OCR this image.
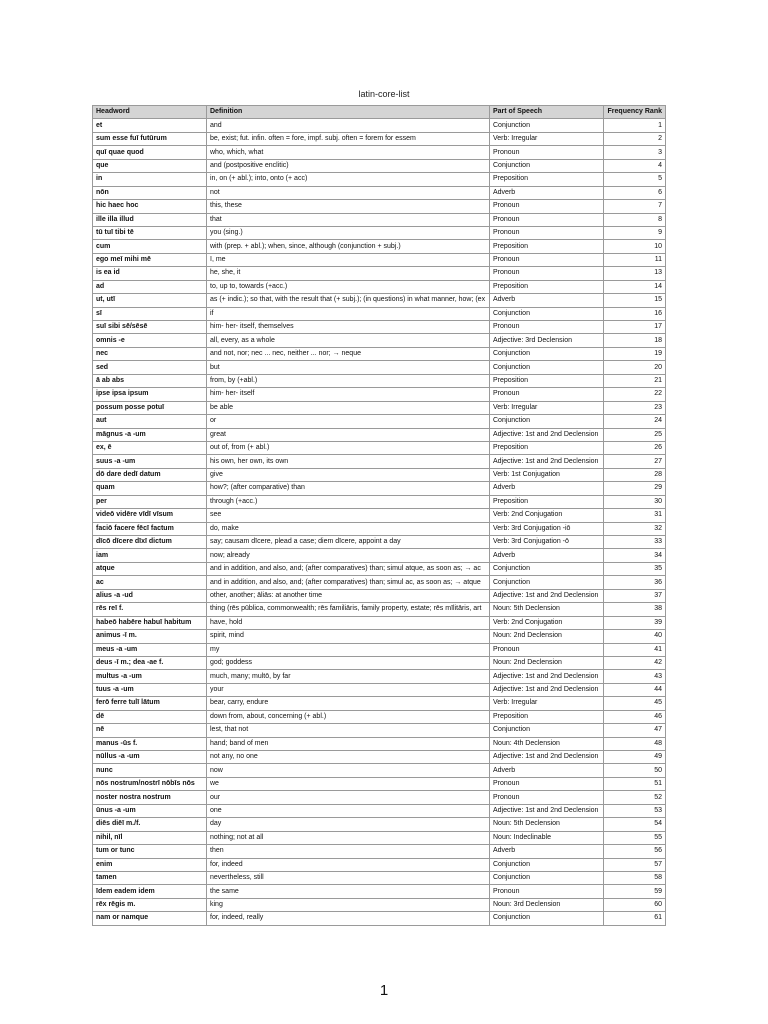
latin-core-list
Headword	Definition	Part of Speech	Frequency Rank
et	and	Conjunction	1
sum esse fuī futūrum	be, exist; fut. infin. often = fore, impf. subj. often = forem for essem	Verb: Irregular	2
quī quae quod	who, which, what	Pronoun	3
que	and (postpositive enclitic)	Conjunction	4
in	in, on (+ abl.); into, onto (+ acc)	Preposition	5
nōn	not	Adverb	6
hic haec hoc	this, these	Pronoun	7
ille illa illud	that	Pronoun	8
tū tuī tibi tē	you (sing.)	Pronoun	9
cum	with (prep. + abl.); when, since, although (conjunction + subj.)	Preposition	10
ego meī mihi mē	I, me	Pronoun	11
is ea id	he, she, it	Pronoun	13
ad	to, up to, towards (+acc.)	Preposition	14
ut, utī	as (+ indic.); so that, with the result that (+ subj.); (in questions) in what manner, how; (ex	Adverb	15
sī	if	Conjunction	16
suī sibi sē/sēsē	him- her- itself, themselves	Pronoun	17
omnis -e	all, every, as a whole	Adjective: 3rd Declension	18
nec	and not, nor; nec ... nec, neither ... nor; → neque	Conjunction	19
sed	but	Conjunction	20
ā ab abs	from, by (+abl.)	Preposition	21
ipse ipsa ipsum	him- her- itself	Pronoun	22
possum posse potuī	be able	Verb: Irregular	23
aut	or	Conjunction	24
māgnus -a -um	great	Adjective: 1st and 2nd Declension	25
ex, ē	out of, from (+ abl.)	Preposition	26
suus -a -um	his own, her own, its own	Adjective: 1st and 2nd Declension	27
dō dare dedī datum	give	Verb: 1st Conjugation	28
quam	how?; (after comparative) than	Adverb	29
per	through (+acc.)	Preposition	30
videō vidēre vīdī vīsum	see	Verb: 2nd Conjugation	31
faciō facere fēcī factum	do, make	Verb: 3rd Conjugation -iō	32
dīcō dīcere dīxī dictum	say; causam dīcere, plead a case; diem dīcere, appoint a day	Verb: 3rd Conjugation -ō	33
iam	now; already	Adverb	34
atque	and in addition, and also, and; (after comparatives) than; simul atque, as soon as; → ac	Conjunction	35
ac	and in addition, and also, and; (after comparatives) than; simul ac, as soon as; → atque	Conjunction	36
alius -a -ud	other, another; āliās: at another time	Adjective: 1st and 2nd Declension	37
rēs reī f.	thing (rēs pūblica, commonwealth; rēs familiāris, family property, estate; rēs mīlitāris, art	Noun: 5th Declension	38
habeō habēre habuī habitum	have, hold	Verb: 2nd Conjugation	39
animus -ī m.	spirit, mind	Noun: 2nd Declension	40
meus -a -um	my	Pronoun	41
deus -ī m.; dea -ae f.	god; goddess	Noun: 2nd Declension	42
multus -a -um	much, many; multō, by far	Adjective: 1st and 2nd Declension	43
tuus -a -um	your	Adjective: 1st and 2nd Declension	44
ferō ferre tulī lātum	bear, carry, endure	Verb: Irregular	45
dē	down from, about, concerning (+ abl.)	Preposition	46
nē	lest, that not	Conjunction	47
manus -ūs f.	hand; band of men	Noun: 4th Declension	48
nūllus -a -um	not any, no one	Adjective: 1st and 2nd Declension	49
nunc	now	Adverb	50
nōs nostrum/nostrī nōbīs nōs	we	Pronoun	51
noster nostra nostrum	our	Pronoun	52
ūnus -a -um	one	Adjective: 1st and 2nd Declension	53
diēs diēī m./f.	day	Noun: 5th Declension	54
nihil, nīl	nothing; not at all	Noun: Indeclinable	55
tum or tunc	then	Adverb	56
enim	for, indeed	Conjunction	57
tamen	nevertheless, still	Conjunction	58
īdem eadem idem	the same	Pronoun	59
rēx rēgis m.	king	Noun: 3rd Declension	60
nam or namque	for, indeed, really	Conjunction	61
1
